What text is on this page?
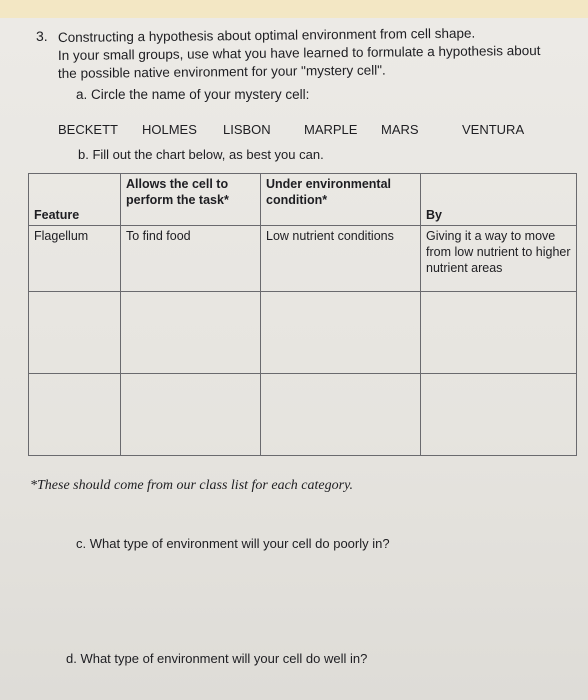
3. Constructing a hypothesis about optimal environment from cell shape.
In your small groups, use what you have learned to formulate a hypothesis about
the possible native environment for your "mystery cell".
a. Circle the name of your mystery cell:
BECKETT HOLMES LISBON	MARPLE MARS	VENTURA
b. Fill out the chart below, as best you can.
Feature	Allows the cell to perform the task*	Under environmental condition*	By
Flagellum	To find food	Low nutrient conditions	Giving it a way to move from low nutrient to higher nutrient areas

*These should come from our class list for each category.
c. What type of environment will your cell do poorly in?
d. What type of environment will your cell do well in?
